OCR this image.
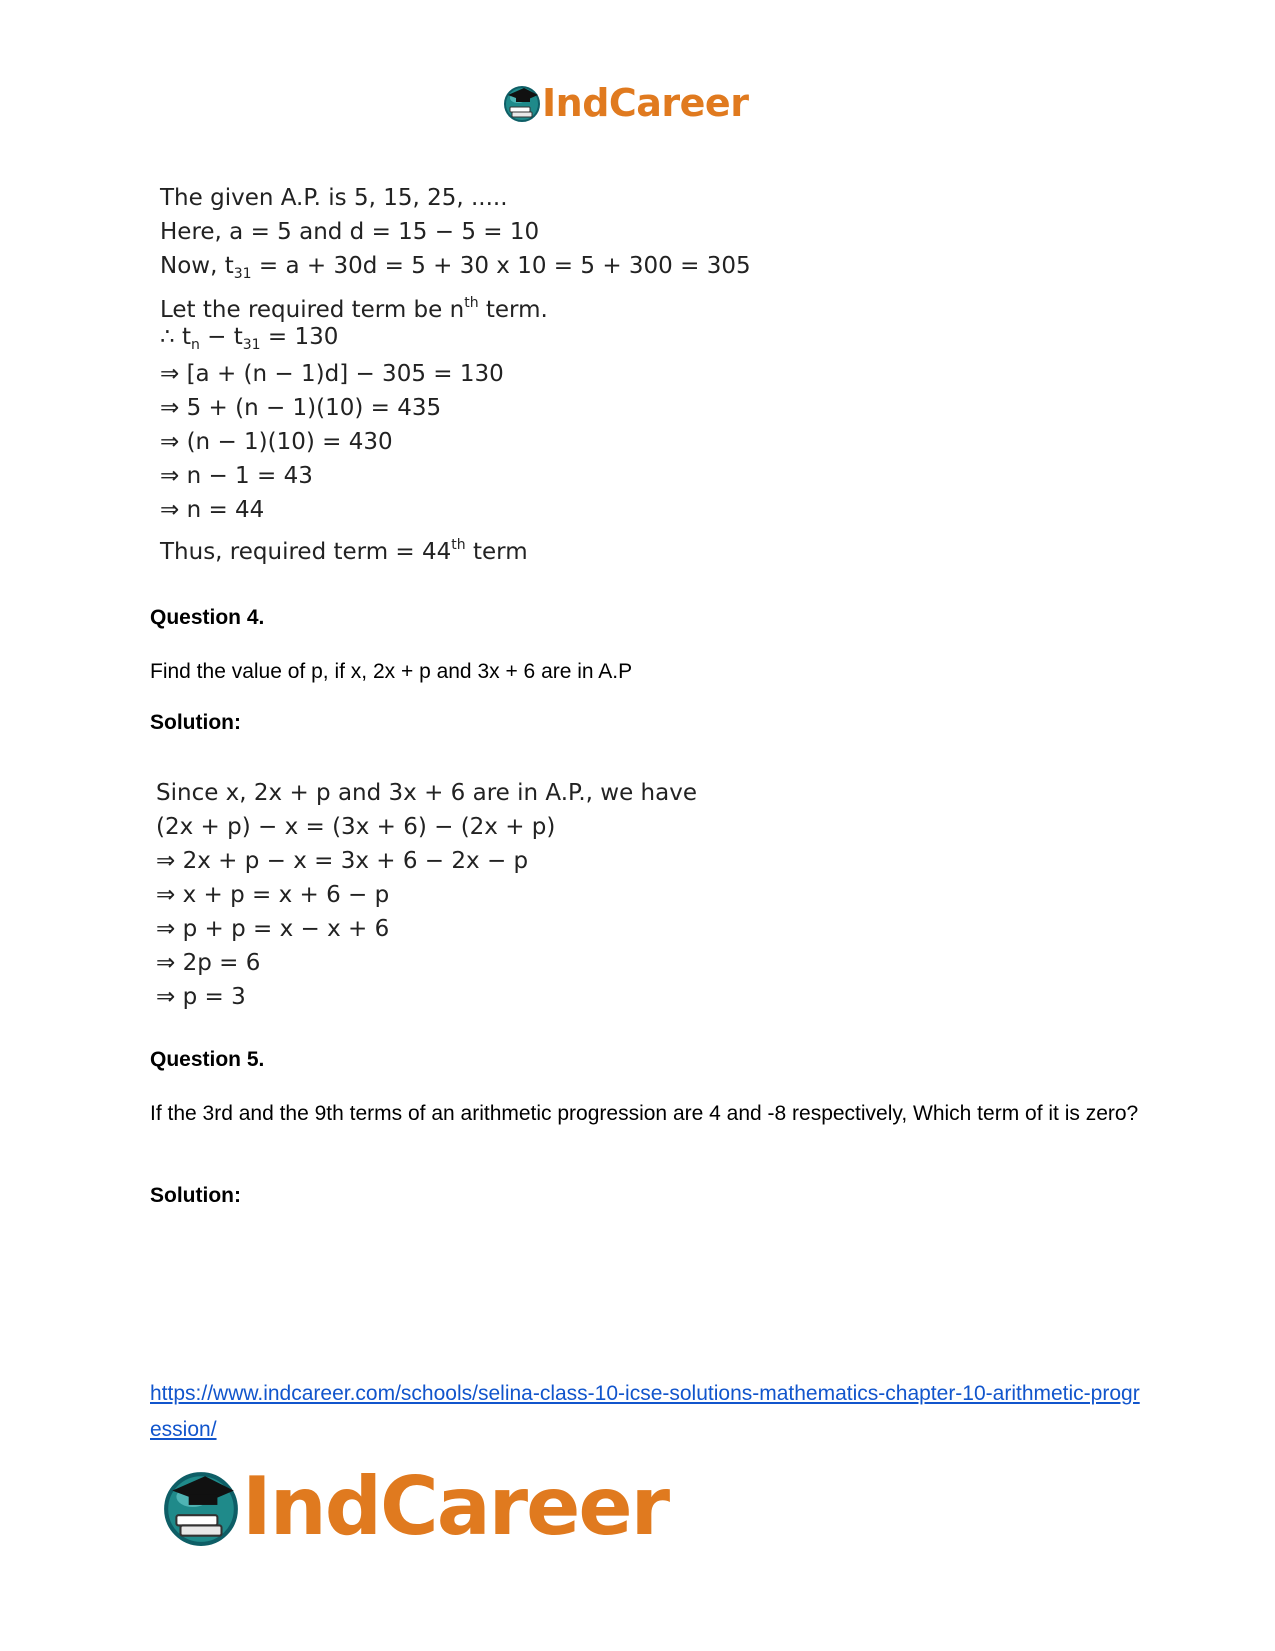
IndCareer
The given A.P. is 5, 15, 25, .....
Here, a = 5 and d = 15 − 5 = 10
Now, $t_{31} = a + 30d = 5 + 30$ x 10 = 5 + 300 = 305
Let the required term be $n^{th}$ term.
∴ $t_n - t_{31} = 130$
⇒ [a + (n − 1)d] − 305 = 130
⇒ 5 + (n − 1)(10) = 435
⇒ (n − 1)(10) = 430
⇒ n − 1 = 43
⇒ n = 44
Thus, required term = 44th term
Question 4.
Find the value of p, if x, 2x + p and 3x + 6 are in A.P
Solution:
Since x, 2x + p and 3x + 6 are in A.P., we have
(2x + p) − x = (3x + 6) − (2x + p)
⇒ 2x + p − x = 3x + 6 − 2x − p
⇒ x + p = x + 6 − p
⇒ p + p = x − x + 6
⇒ 2p = 6
⇒ p = 3
Question 5.
If the 3rd and the 9th terms of an arithmetic progression are 4 and -8 respectively, Which term of it is zero?
Solution:
https://www.indcareer.com/schools/selina-class-10-icse-solutions-mathematics-chapter-10-arithmetic-progression/
IndCareer
